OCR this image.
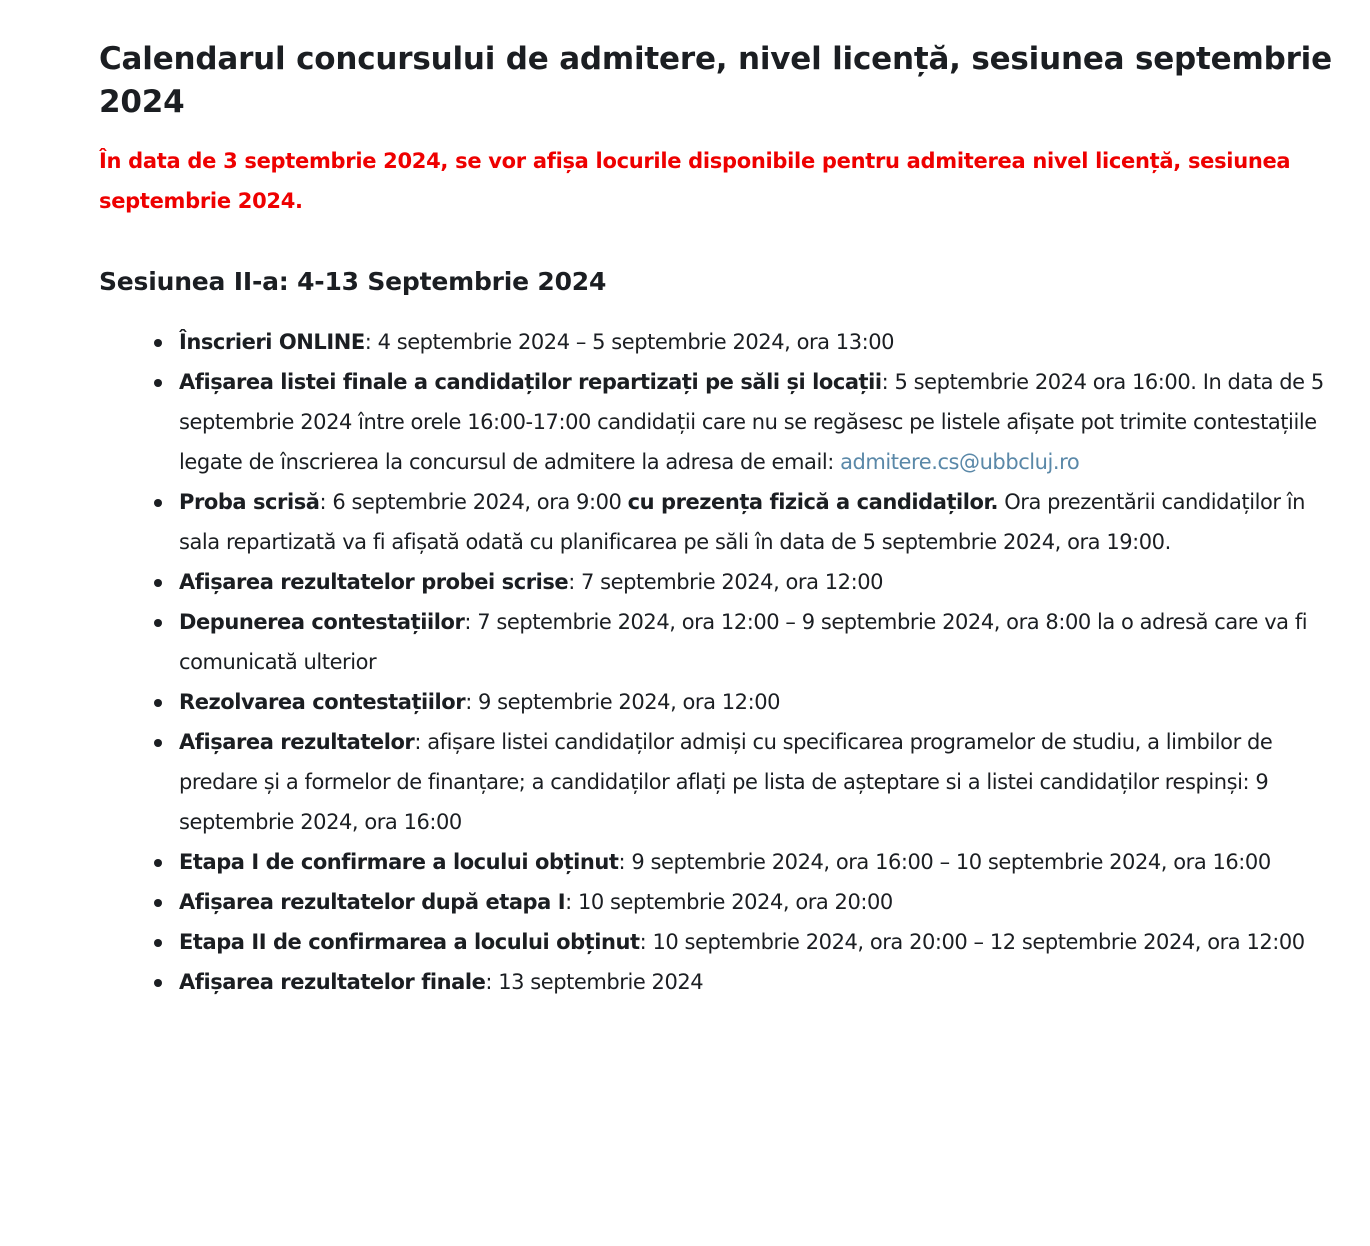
Calendarul concursului de admitere, nivel licență, sesiunea septembrie 2024

În data de 3 septembrie 2024, se vor afișa locurile disponibile pentru admiterea nivel licență, sesiunea septembrie 2024.

Sesiunea II-a: 4-13 Septembrie 2024
Înscrieri ONLINE: 4 septembrie 2024 – 5 septembrie 2024, ora 13:00
Afișarea listei finale a candidaților repartizați pe săli și locații: 5 septembrie 2024 ora 16:00. In data de 5 septembrie 2024 între orele 16:00-17:00 candidații care nu se regăsesc pe listele afișate pot trimite contestațiile legate de înscrierea la concursul de admitere la adresa de email: admitere.cs@ubbcluj.ro
Proba scrisă: 6 septembrie 2024, ora 9:00 cu prezența fizică a candidaților. Ora prezentării candidaților în sala repartizată va fi afișată odată cu planificarea pe săli în data de 5 septembrie 2024, ora 19:00.
Afișarea rezultatelor probei scrise: 7 septembrie 2024, ora 12:00
Depunerea contestațiilor: 7 septembrie 2024, ora 12:00 – 9 septembrie 2024, ora 8:00 la o adresă care va fi comunicată ulterior
Rezolvarea contestațiilor: 9 septembrie 2024, ora 12:00
Afișarea rezultatelor: afișare listei candidaților admiși cu specificarea programelor de studiu, a limbilor de predare și a formelor de finanțare; a candidaților aflați pe lista de așteptare si a listei candidaților respinși: 9 septembrie 2024, ora 16:00
Etapa I de confirmare a locului obținut: 9 septembrie 2024, ora 16:00 – 10 septembrie 2024, ora 16:00
Afișarea rezultatelor după etapa I: 10 septembrie 2024, ora 20:00
Etapa II de confirmarea a locului obținut: 10 septembrie 2024, ora 20:00 – 12 septembrie 2024, ora 12:00
Afișarea rezultatelor finale: 13 septembrie 2024
